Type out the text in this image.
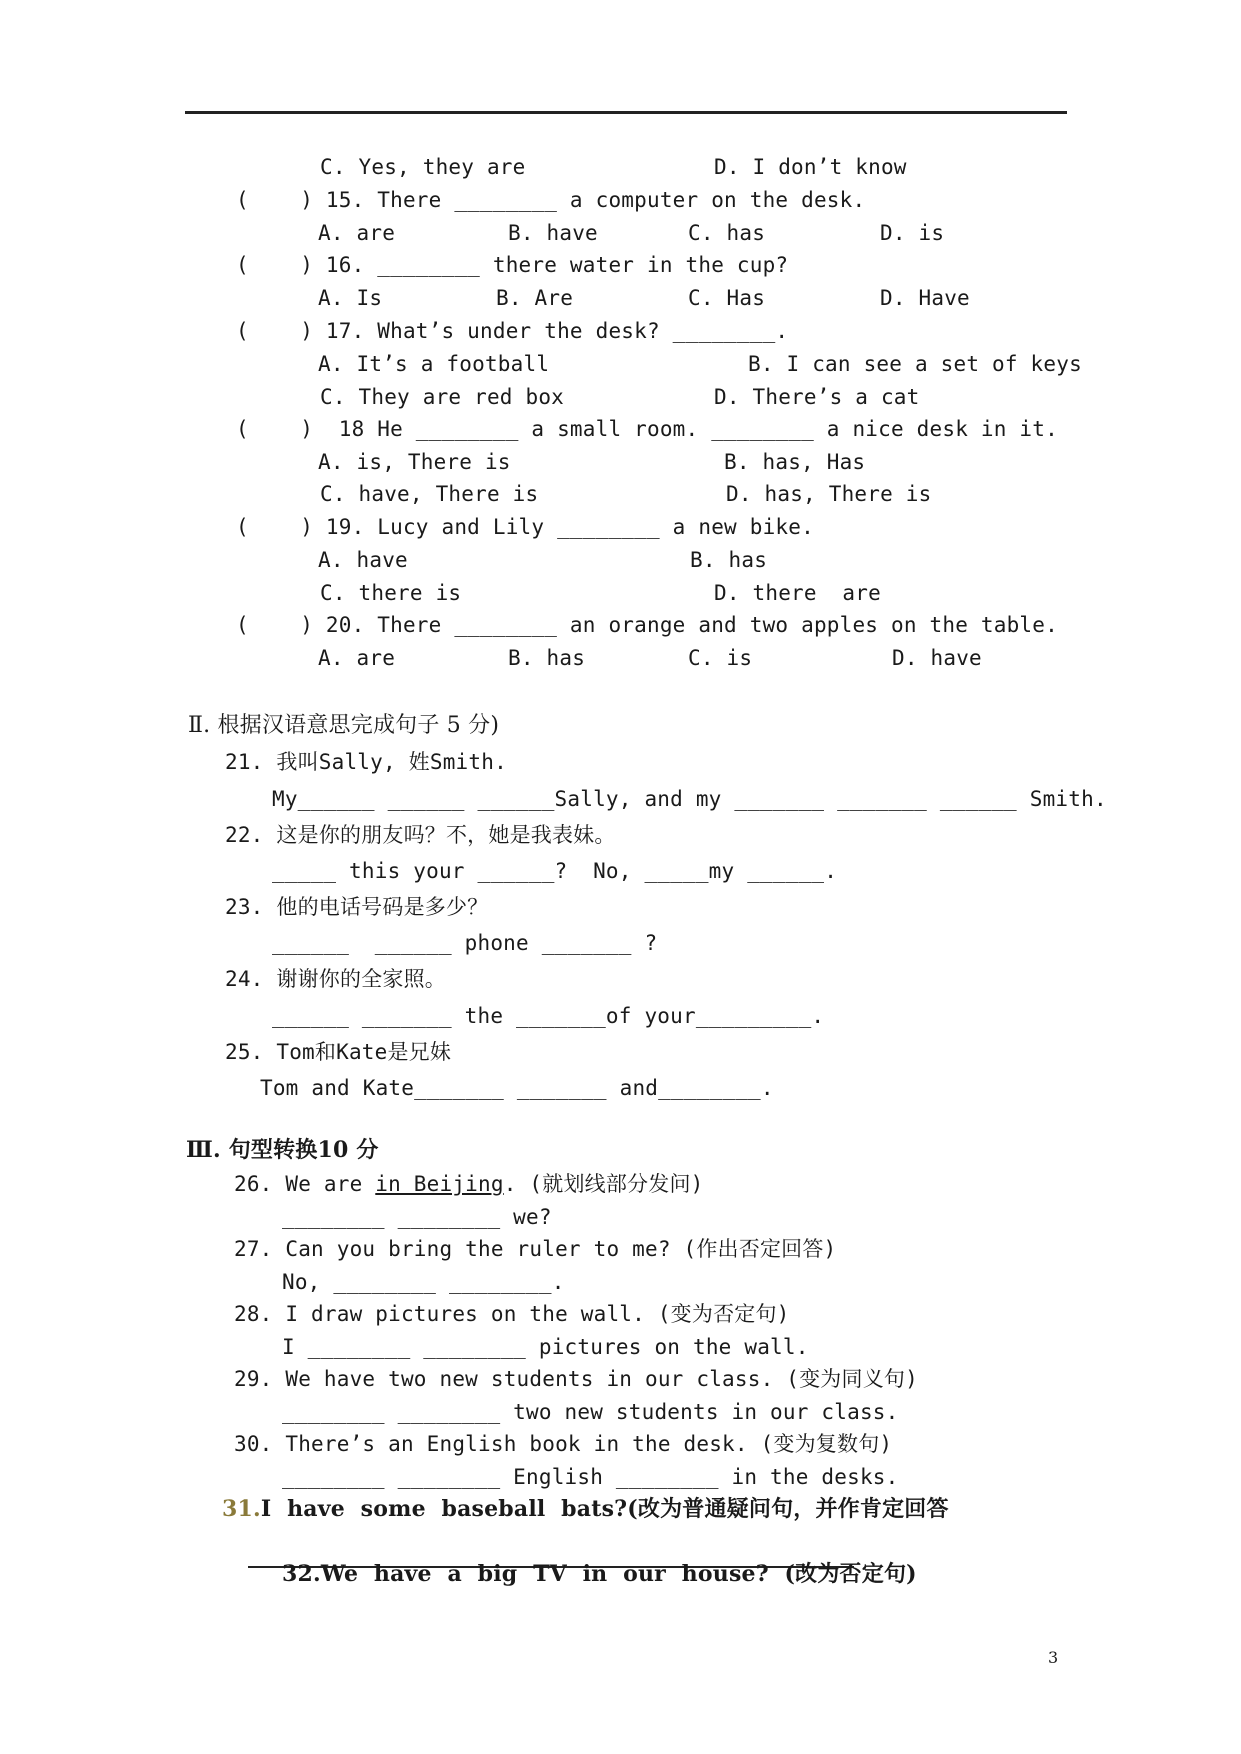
C. Yes, they are	D. I don’t know
(    ) 15. There ________ a computer on the desk.
A. are	B. have	C. has	D. is
(    ) 16. ________ there water in the cup?
A. Is	B. Are	C. Has	D. Have
(    ) 17. What’s under the desk? ________.
A. It’s a football	B. I can see a set of keys
C. They are red box	D. There’s a cat
(    )  18 He ________ a small room. ________ a nice desk in it.
A. is, There is	B. has, Has
C. have, There is	D. has, There is
(    ) 19. Lucy and Lily ________ a new bike.
A. have	B. has
C. there is	D. there  are
(    ) 20. There ________ an orange and two apples on the table.
A. are	B. has	C. is	D. have
Ⅱ. 根据汉语意思完成句子 5 分)
21. 我叫Sally, 姓Smith.
My______ ______ ______Sally, and my _______ _______ ______ Smith.
22. 这是你的朋友吗？不，她是我表妹。
_____ this your ______?  No, _____my ______.
23. 他的电话号码是多少？
______  ______ phone _______ ?
24. 谢谢你的全家照。
______ _______ the _______of your_________.
25. Tom和Kate是兄妹
Tom and Kate_______ _______ and________.
Ⅲ. 句型转换10 分
26. We are in Beijing. (就划线部分发问)
________ ________ we?
27. Can you bring the ruler to me? (作出否定回答)
No, ________ ________.
28. I draw pictures on the wall. (变为否定句)
I ________ ________ pictures on the wall.
29. We have two new students in our class. (变为同义句)
________ ________ two new students in our class.
30. There’s an English book in the desk. (变为复数句)
________ ________ English ________ in the desks.
31.I  have  some  baseball  bats?(改为普通疑问句，并作肯定回答
32.We  have  a  big  TV  in  our  house?  (改为否定句)
3
